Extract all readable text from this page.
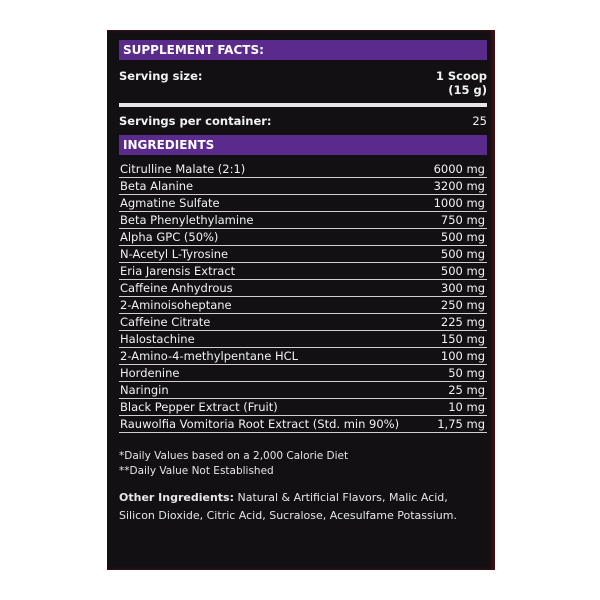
SUPPLEMENT FACTS:
Serving size:	1 Scoop
(15 g)
Servings per container:	25
INGREDIENTS
Citrulline Malate (2:1)	6000 mg
Beta Alanine	3200 mg
Agmatine Sulfate	1000 mg
Beta Phenylethylamine	750 mg
Alpha GPC (50%)	500 mg
N-Acetyl L-Tyrosine	500 mg
Eria Jarensis Extract	500 mg
Caffeine Anhydrous	300 mg
2-Aminoisoheptane	250 mg
Caffeine Citrate	225 mg
Halostachine	150 mg
2-Amino-4-methylpentane HCL	100 mg
Hordenine	50 mg
Naringin	25 mg
Black Pepper Extract (Fruit)	10 mg
Rauwolfia Vomitoria Root Extract (Std. min 90%)	1,75 mg
*Daily Values based on a 2,000 Calorie Diet
**Daily Value Not Established
Other Ingredients: Natural & Artificial Flavors, Malic Acid, Silicon Dioxide, Citric Acid, Sucralose, Acesulfame Potassium.
